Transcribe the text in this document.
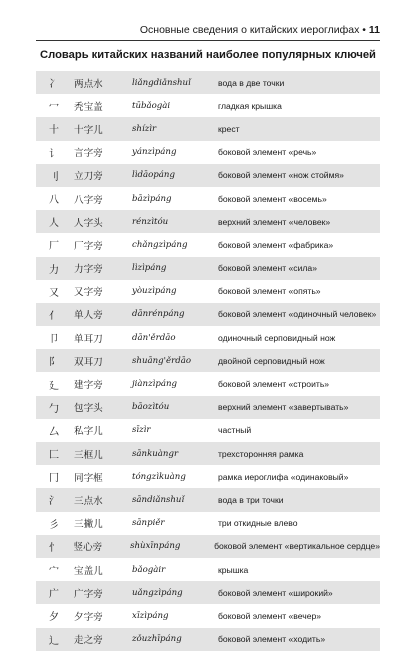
Основные сведения о китайских иероглифах • 11
Словарь китайских названий наиболее популярных ключей
冫	两点水	liǎngdiǎnshuǐ	вода в две точки
冖	秃宝盖	tūbǎogài	гладкая крышка
十	十字儿	shízìr	крест
讠	言字旁	yánzìpáng	боковой элемент «речь»
刂	立刀旁	lìdāopáng	боковой элемент «нож стоймя»
八	八字旁	bāzìpáng	боковой элемент «восемь»
人	人字头	rénzìtóu	верхний элемент «человек»
厂	厂字旁	chǎngzìpáng	боковой элемент «фабрика»
力	力字旁	lìzìpáng	боковой элемент «сила»
又	又字旁	yòuzìpáng	боковой элемент «опять»
亻	单人旁	dānrénpáng	боковой элемент «одиночный человек»
卩	单耳刀	dān'ěrdāo	одиночный серповидный нож
阝	双耳刀	shuāng'ěrdāo	двойной серповидный нож
廴	建字旁	jiànzìpáng	боковой элемент «строить»
勹	包字头	bāozìtóu	верхний элемент «завертывать»
厶	私字儿	sīzìr	частный
匚	三框儿	sānkuàngr	трехсторонняя рамка
冂	同字框	tóngzìkuàng	рамка иероглифа «одинаковый»
氵	三点水	sāndiǎnshuǐ	вода в три точки
彡	三撇儿	sānpiěr	три откидные влево
忄	竖心旁	shùxīnpáng	боковой элемент «вертикальное сердце»
宀	宝盖儿	bǎogàir	крышка
广	广字旁	uǎngzìpáng	боковой элемент «широкий»
夕	夕字旁	xīzìpáng	боковой элемент «вечер»
辶	走之旁	zǒuzhīpáng	боковой элемент «ходить»
